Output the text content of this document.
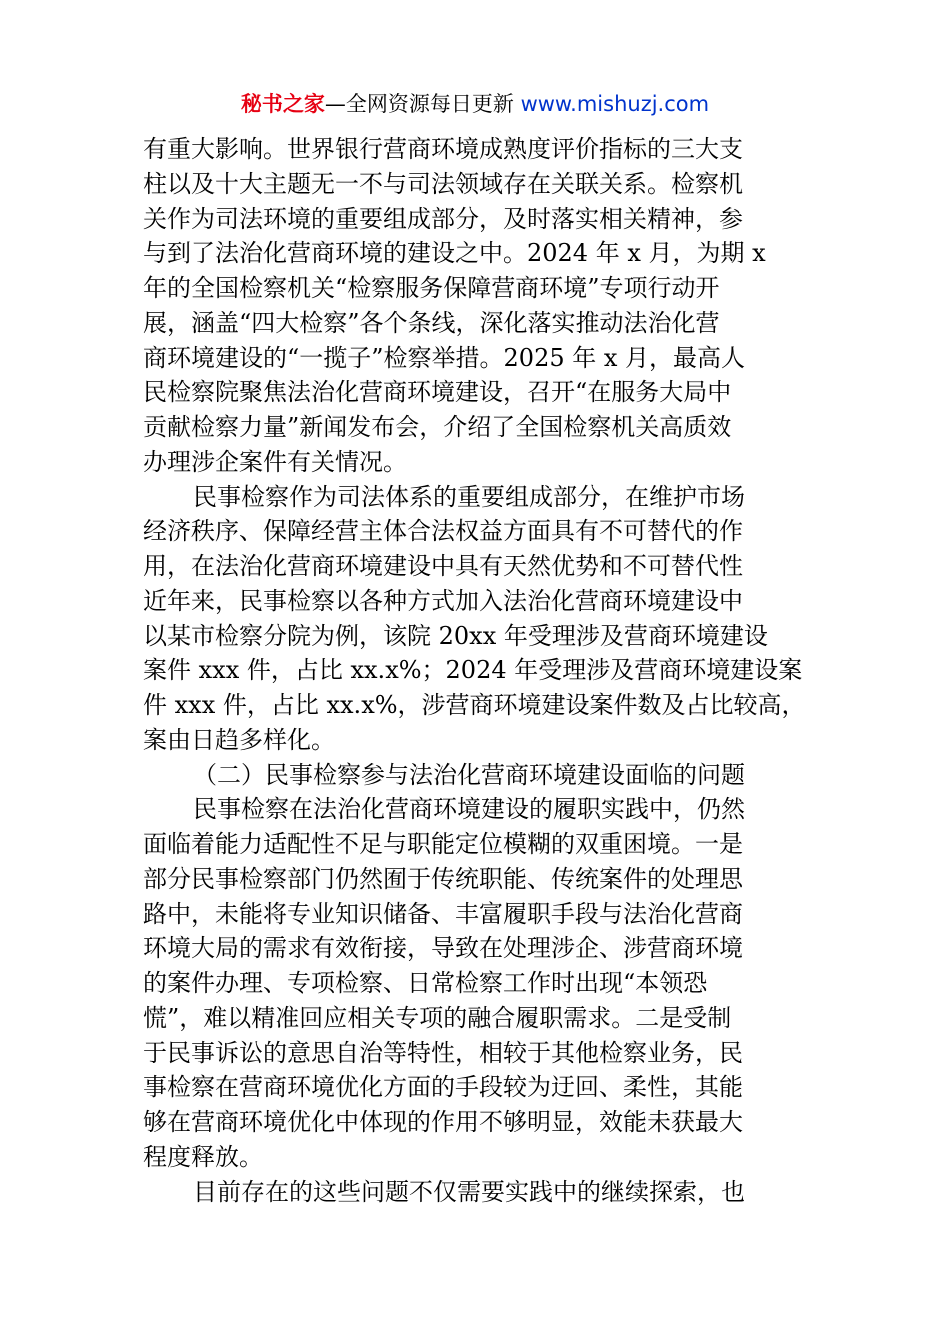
秘书之家—全网资源每日更新 www.mishuzj.com
有重大影响。世界银行营商环境成熟度评价指标的三大支
柱以及十大主题无一不与司法领域存在关联关系。检察机
关作为司法环境的重要组成部分，及时落实相关精神，参
与到了法治化营商环境的建设之中。2024 年 x 月，为期 x
年的全国检察机关“检察服务保障营商环境”专项行动开
展，涵盖“四大检察”各个条线，深化落实推动法治化营
商环境建设的“一揽子”检察举措。2025 年 x 月，最高人
民检察院聚焦法治化营商环境建设，召开“在服务大局中
贡献检察力量”新闻发布会，介绍了全国检察机关高质效
办理涉企案件有关情况。
民事检察作为司法体系的重要组成部分，在维护市场
经济秩序、保障经营主体合法权益方面具有不可替代的作
用，在法治化营商环境建设中具有天然优势和不可替代性
近年来，民事检察以各种方式加入法治化营商环境建设中
以某市检察分院为例，该院 20xx 年受理涉及营商环境建设
案件 xxx 件，占比 xx.x%；2024 年受理涉及营商环境建设案
件 xxx 件，占比 xx.x%，涉营商环境建设案件数及占比较高，
案由日趋多样化。
（二）民事检察参与法治化营商环境建设面临的问题
民事检察在法治化营商环境建设的履职实践中，仍然
面临着能力适配性不足与职能定位模糊的双重困境。一是
部分民事检察部门仍然囿于传统职能、传统案件的处理思
路中，未能将专业知识储备、丰富履职手段与法治化营商
环境大局的需求有效衔接，导致在处理涉企、涉营商环境
的案件办理、专项检察、日常检察工作时出现“本领恐
慌”，难以精准回应相关专项的融合履职需求。二是受制
于民事诉讼的意思自治等特性，相较于其他检察业务，民
事检察在营商环境优化方面的手段较为迂回、柔性，其能
够在营商环境优化中体现的作用不够明显，效能未获最大
程度释放。
目前存在的这些问题不仅需要实践中的继续探索，也
